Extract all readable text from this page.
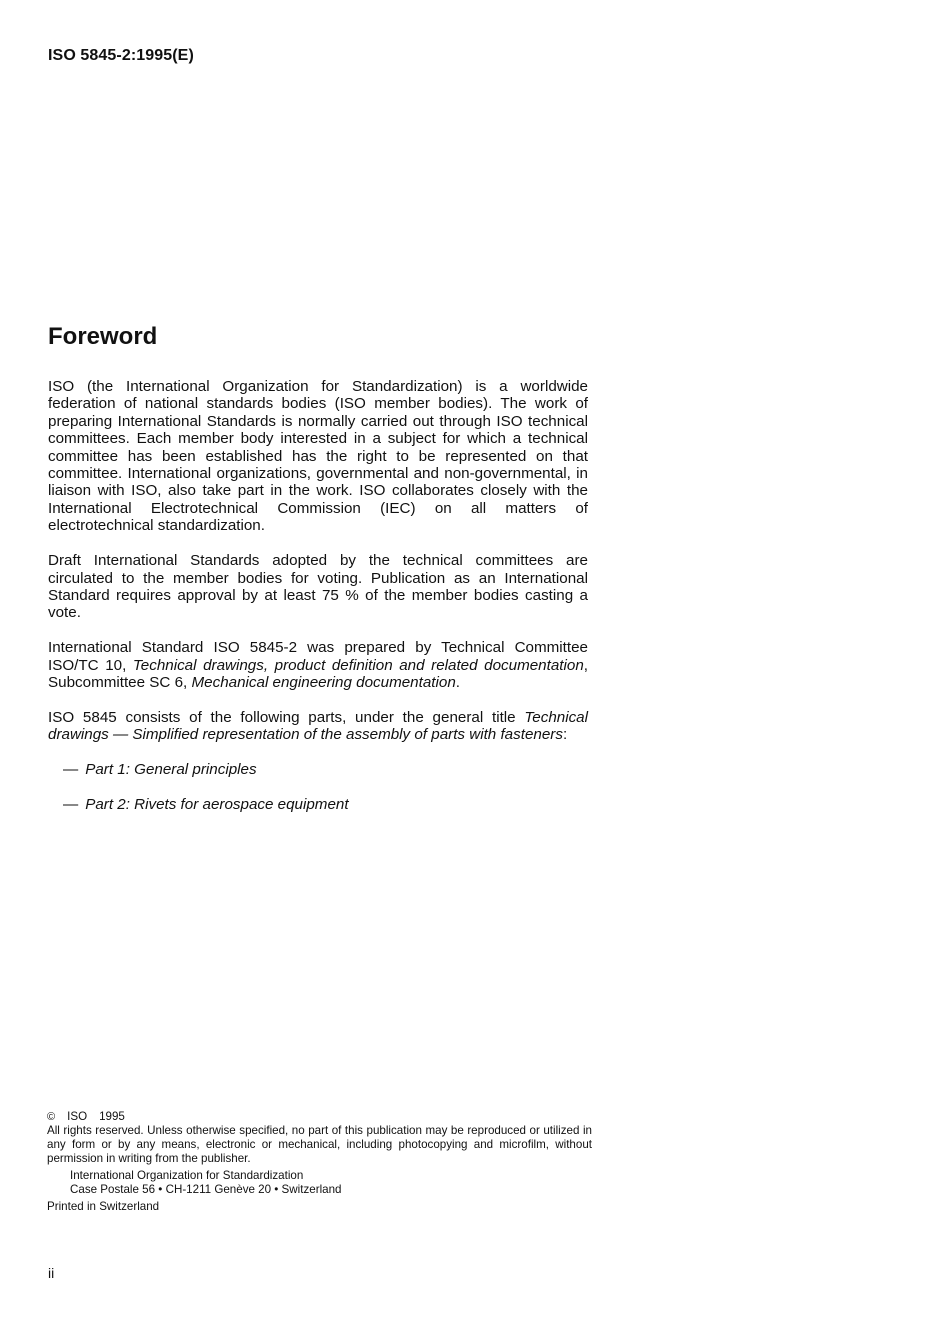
ISO 5845-2:1995(E)
Foreword

ISO (the International Organization for Standardization) is a worldwide federation of national standards bodies (ISO member bodies). The work of preparing International Standards is normally carried out through ISO technical committees. Each member body interested in a subject for which a technical committee has been established has the right to be represented on that committee. International organizations, governmental and non-governmental, in liaison with ISO, also take part in the work. ISO collaborates closely with the International Electrotechnical Commission (IEC) on all matters of electrotechnical standardization.

Draft International Standards adopted by the technical committees are circulated to the member bodies for voting. Publication as an International Standard requires approval by at least 75 % of the member bodies casting a vote.

International Standard ISO 5845-2 was prepared by Technical Committee ISO/TC 10, Technical drawings, product definition and related documentation, Subcommittee SC 6, Mechanical engineering documentation.

ISO 5845 consists of the following parts, under the general title Technical drawings — Simplified representation of the assembly of parts with fasteners:

— Part 1: General principles
— Part 2: Rivets for aerospace equipment
© ISO 1995

All rights reserved. Unless otherwise specified, no part of this publication may be reproduced or utilized in any form or by any means, electronic or mechanical, including photocopying and microfilm, without permission in writing from the publisher.

International Organization for Standardization
Case Postale 56 • CH-1211 Genève 20 • Switzerland
Printed in Switzerland
ii
